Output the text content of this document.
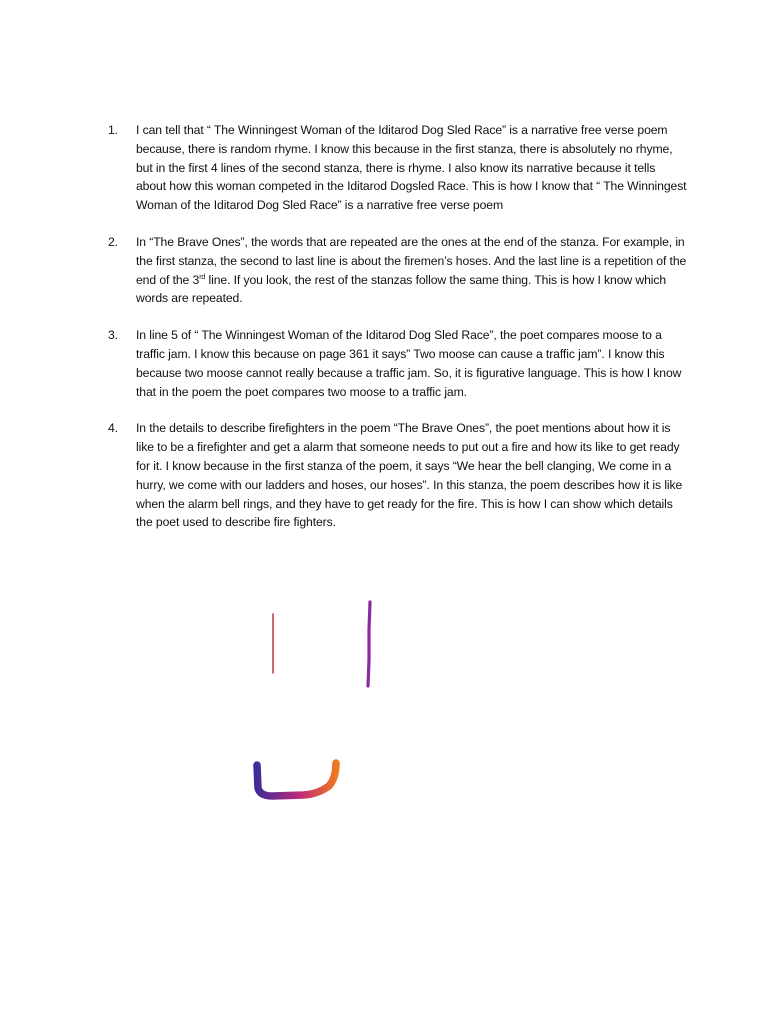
1. I can tell that “ The Winningest Woman of the Iditarod Dog Sled Race” is a narrative free verse poem because, there is random rhyme. I know this because in the first stanza, there is absolutely no rhyme, but in the first 4 lines of the second stanza, there is rhyme. I also know its narrative because it tells about how this woman competed in the Iditarod Dogsled Race. This is how I know that “ The Winningest Woman of the Iditarod Dog Sled Race” is a narrative free verse poem
2. In “The Brave Ones”, the words that are repeated are the ones at the end of the stanza. For example, in the first stanza, the second to last line is about the firemen’s hoses. And the last line is a repetition of the end of the 3rd line. If you look, the rest of the stanzas follow the same thing. This is how I know which words are repeated.
3. In line 5 of “ The Winningest Woman of the Iditarod Dog Sled Race”, the poet compares moose to a traffic jam. I know this because on page 361 it says” Two moose can cause a traffic jam”. I know this because two moose cannot really because a traffic jam. So, it is figurative language. This is how I know that in the poem the poet compares two moose to a traffic jam.
4. In the details to describe firefighters in the poem “The Brave Ones”, the poet mentions about how it is like to be a firefighter and get a alarm that someone needs to put out a fire and how its like to get ready for it. I know because in the first stanza of the poem, it says “We hear the bell clanging, We come in a hurry, we come with our ladders and hoses, our hoses”. In this stanza, the poem describes how it is like when the alarm bell rings, and they have to get ready for the fire. This is how I can show which details the poet used to describe fire fighters.
